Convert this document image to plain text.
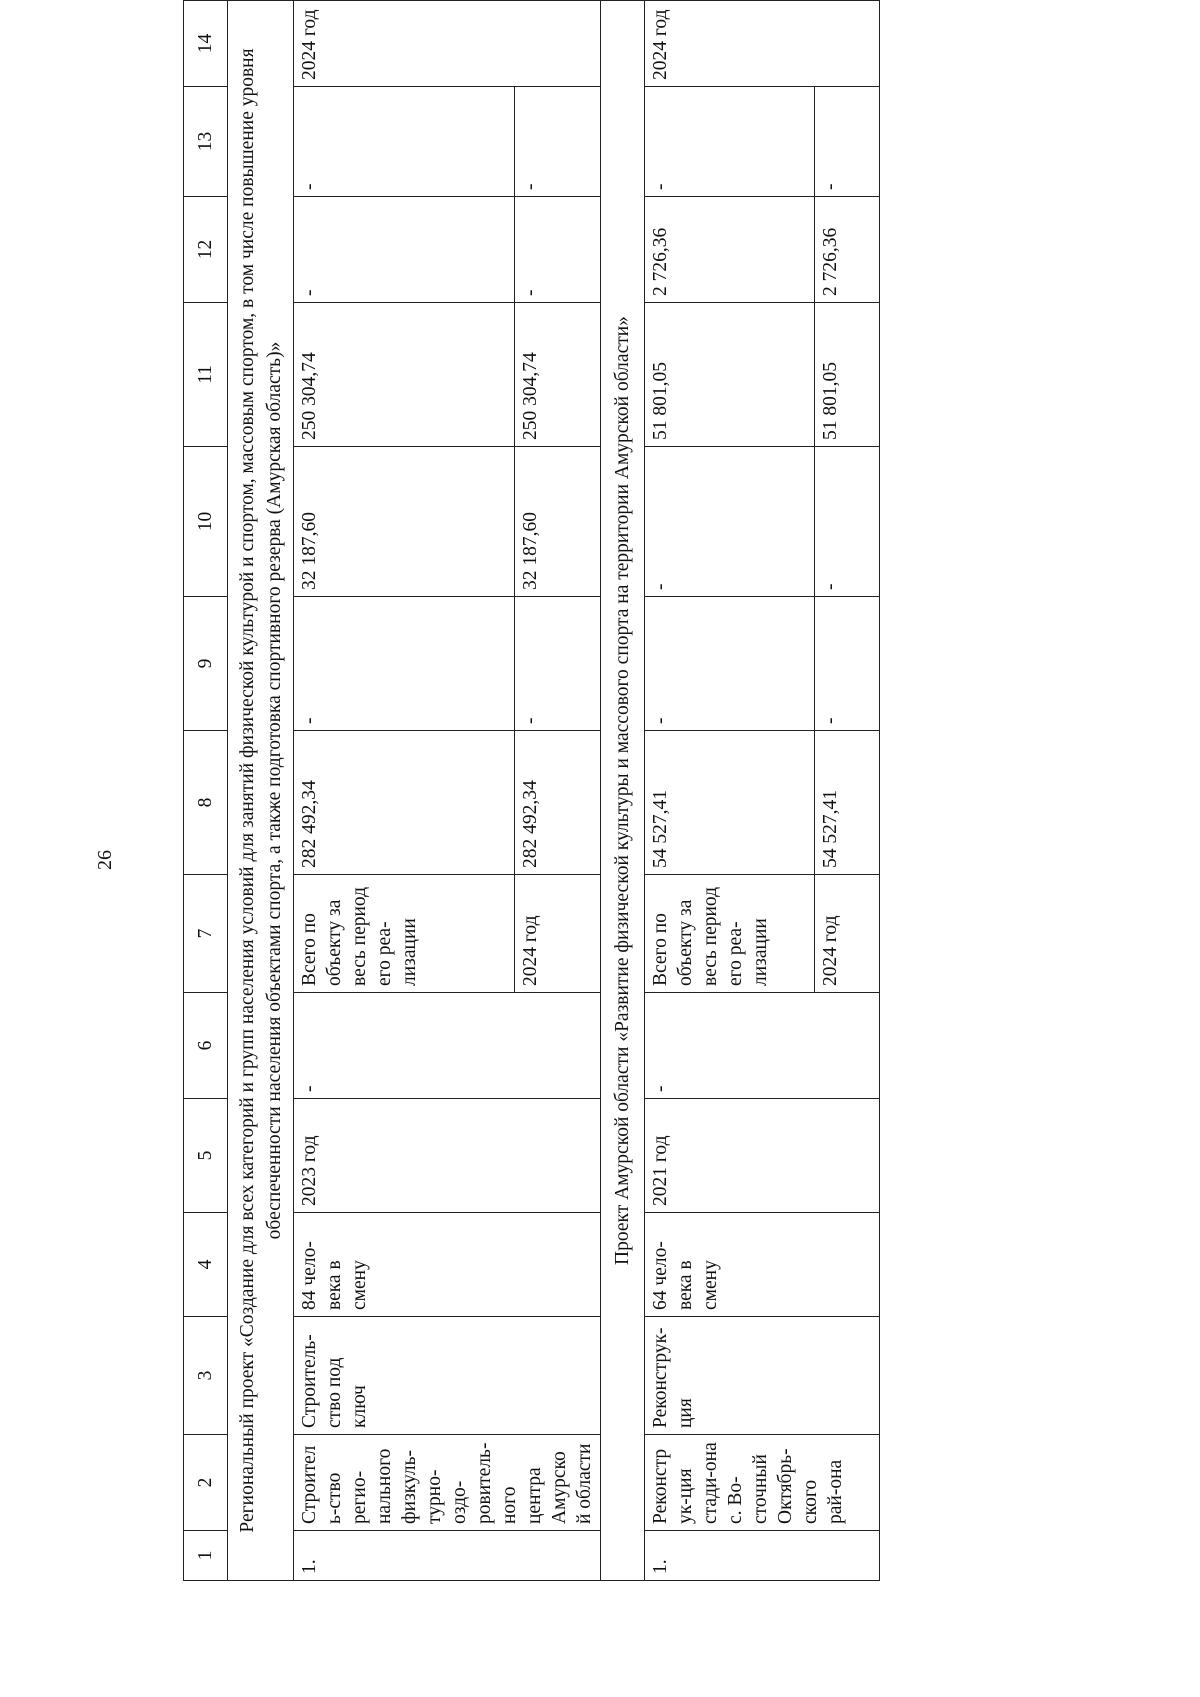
26
1	2	3	4	5	6	7	8	9	10	11	12	13	14
Региональный проект «Создание для всех категорий и групп населения условий для занятий физической культурой и спортом, массовым спортом, в том числе повышение уровня обеспеченности населения объектами спорта, а также подготовка спортивного резерва (Амурская область)»													
1.	Строитель-ство регио-нального физкуль-турно-оздо-ровитель-ного центра Амурской области	Строитель-ство под ключ	84 чело-века в смену	2023 год	-	Всего по объекту за весь период его реа-лизации	282 492,34	-	32 187,60	250 304,74	-	-	2024 год
						2024 год	282 492,34	-	32 187,60	250 304,74	-	-	
Проект Амурской области «Развитие физической культуры и массового спорта на территории Амурской области»													
1.	Реконструк-ция стади-она с. Во-сточный Октябрь-ского рай-она	Реконструк-ция	64 чело-века в смену	2021 год	-	Всего по объекту за весь период его реа-лизации	54 527,41	-	-	51 801,05	2 726,36	-	2024 год
						2024 год	54 527,41	-	-	51 801,05	2 726,36	-	
